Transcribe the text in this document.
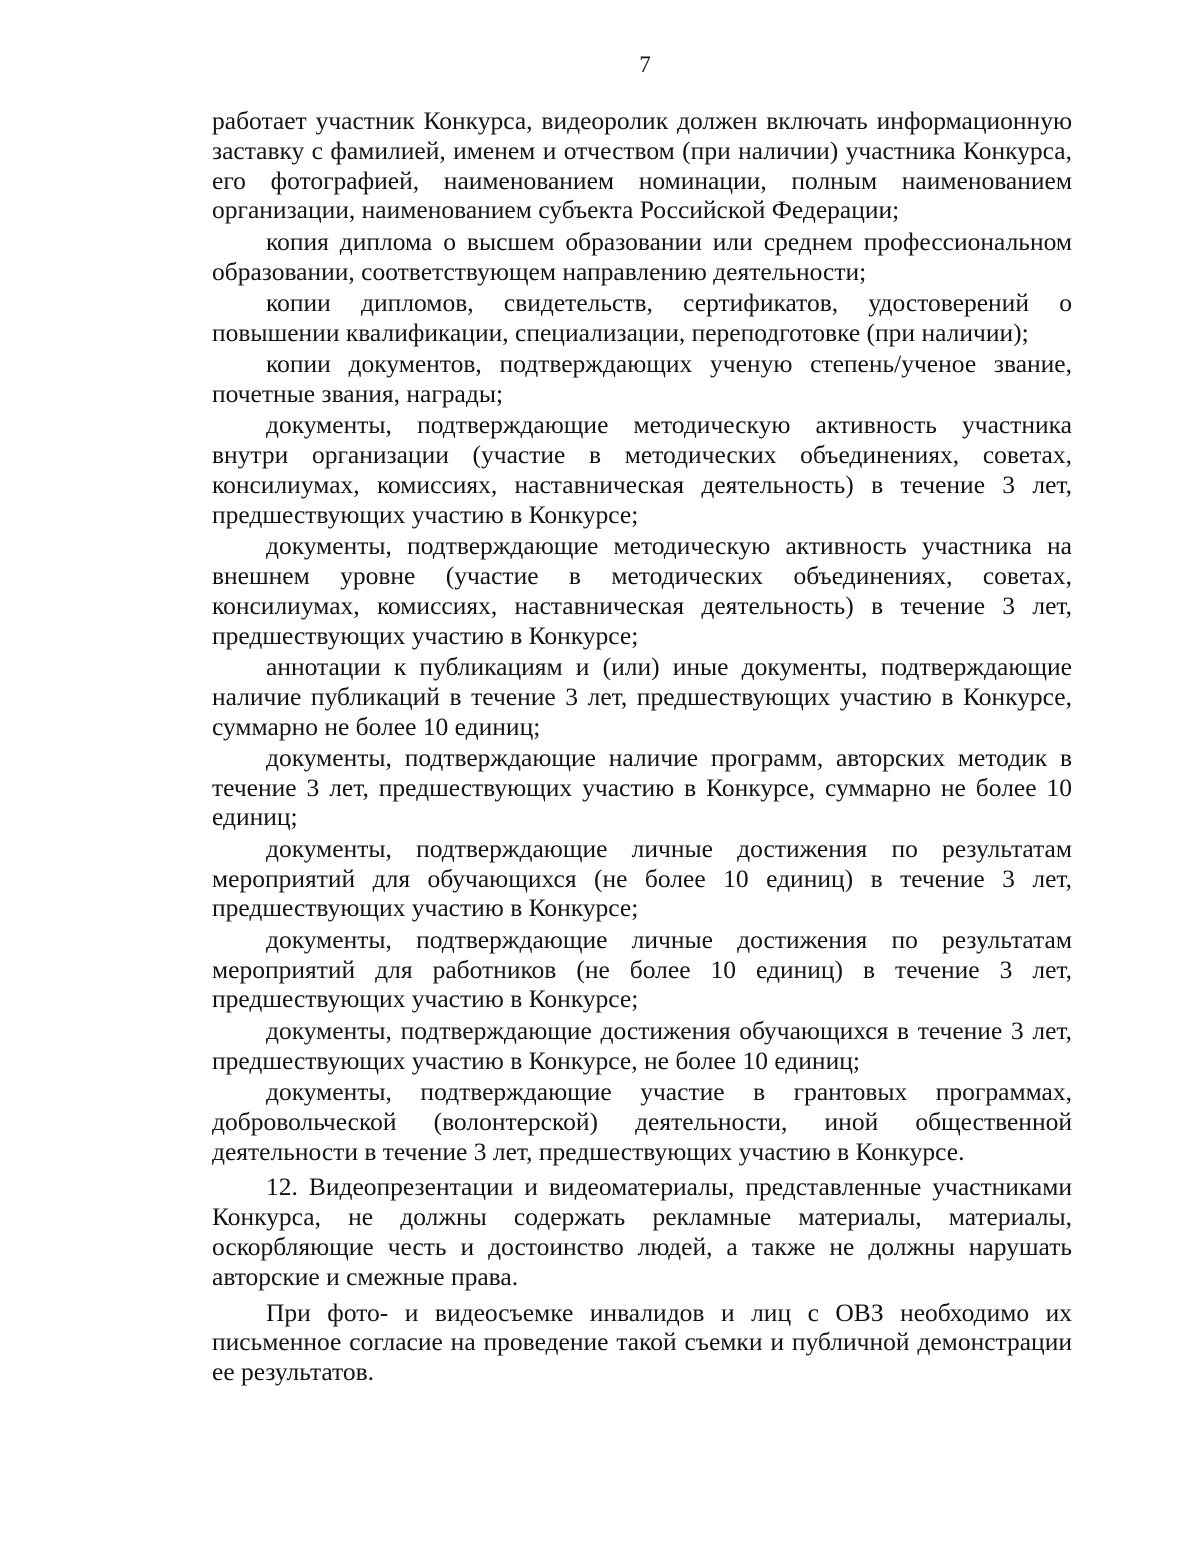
7

работает участник Конкурса, видеоролик должен включать информационную заставку с фамилией, именем и отчеством (при наличии) участника Конкурса, его фотографией, наименованием номинации, полным наименованием организации, наименованием субъекта Российской Федерации;

копия диплома о высшем образовании или среднем профессиональном образовании, соответствующем направлению деятельности;

копии дипломов, свидетельств, сертификатов, удостоверений о повышении квалификации, специализации, переподготовке (при наличии);

копии документов, подтверждающих ученую степень/ученое звание, почетные звания, награды;

документы, подтверждающие методическую активность участника внутри организации (участие в методических объединениях, советах, консилиумах, комиссиях, наставническая деятельность) в течение 3 лет, предшествующих участию в Конкурсе;

документы, подтверждающие методическую активность участника на внешнем уровне (участие в методических объединениях, советах, консилиумах, комиссиях, наставническая деятельность) в течение 3 лет, предшествующих участию в Конкурсе;

аннотации к публикациям и (или) иные документы, подтверждающие наличие публикаций в течение 3 лет, предшествующих участию в Конкурсе, суммарно не более 10 единиц;

документы, подтверждающие наличие программ, авторских методик в течение 3 лет, предшествующих участию в Конкурсе, суммарно не более 10 единиц;

документы, подтверждающие личные достижения по результатам мероприятий для обучающихся (не более 10 единиц) в течение 3 лет, предшествующих участию в Конкурсе;

документы, подтверждающие личные достижения по результатам мероприятий для работников (не более 10 единиц) в течение 3 лет, предшествующих участию в Конкурсе;

документы, подтверждающие достижения обучающихся в течение 3 лет, предшествующих участию в Конкурсе, не более 10 единиц;

документы, подтверждающие участие в грантовых программах, добровольческой (волонтерской) деятельности, иной общественной деятельности в течение 3 лет, предшествующих участию в Конкурсе.

12. Видеопрезентации и видеоматериалы, представленные участниками Конкурса, не должны содержать рекламные материалы, материалы, оскорбляющие честь и достоинство людей, а также не должны нарушать авторские и смежные права.

При фото- и видеосъемке инвалидов и лиц с ОВЗ необходимо их письменное согласие на проведение такой съемки и публичной демонстрации ее результатов.
